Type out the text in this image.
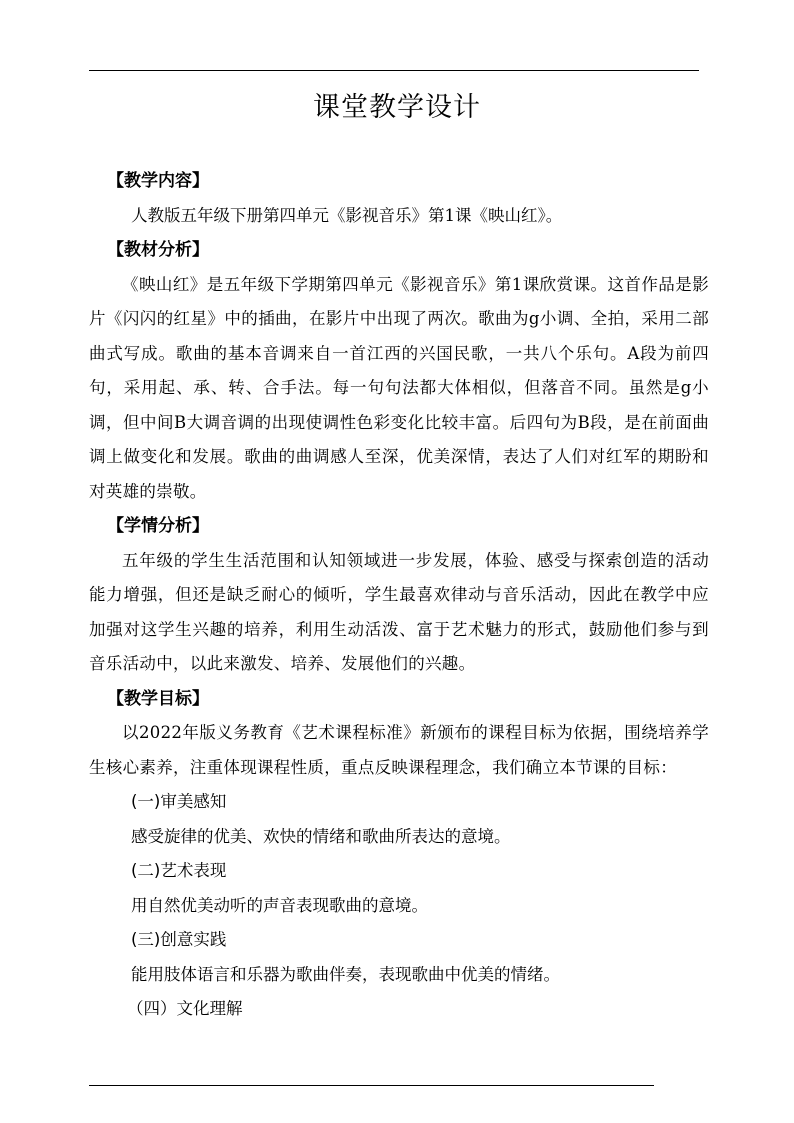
课堂教学设计

【教学内容】

人教版五年级下册第四单元《影视音乐》第1课《映山红》。

【教材分析】

《映山红》是五年级下学期第四单元《影视音乐》第1课欣赏课。这首作品是影片《闪闪的红星》中的插曲，在影片中出现了两次。歌曲为g小调、全拍，采用二部曲式写成。歌曲的基本音调来自一首江西的兴国民歌，一共八个乐句。A段为前四句，采用起、承、转、合手法。每一句句法都大体相似，但落音不同。虽然是g小调，但中间B大调音调的出现使调性色彩变化比较丰富。后四句为B段，是在前面曲调上做变化和发展。歌曲的曲调感人至深，优美深情，表达了人们对红军的期盼和对英雄的崇敬。

【学情分析】

五年级的学生生活范围和认知领域进一步发展，体验、感受与探索创造的活动能力增强，但还是缺乏耐心的倾听，学生最喜欢律动与音乐活动，因此在教学中应加强对这学生兴趣的培养，利用生动活泼、富于艺术魅力的形式，鼓励他们参与到音乐活动中，以此来激发、培养、发展他们的兴趣。

【教学目标】

以2022年版义务教育《艺术课程标准》新颁布的课程目标为依据，围绕培养学生核心素养，注重体现课程性质，重点反映课程理念，我们确立本节课的目标：

(一)审美感知

感受旋律的优美、欢快的情绪和歌曲所表达的意境。

(二)艺术表现

用自然优美动听的声音表现歌曲的意境。

(三)创意实践

能用肢体语言和乐器为歌曲伴奏，表现歌曲中优美的情绪。

（四）文化理解
